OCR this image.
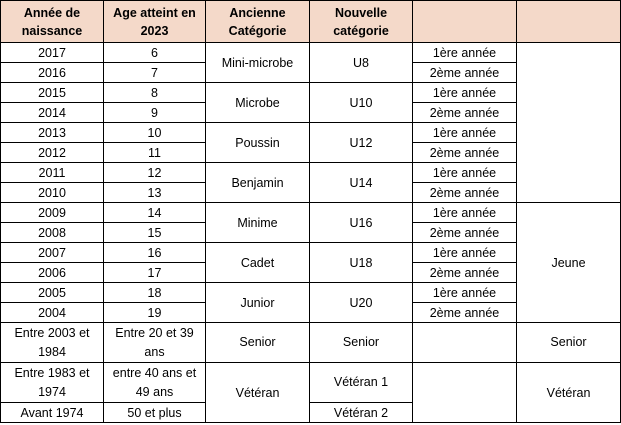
Année de naissance	Age atteint en 2023	Ancienne Catégorie	Nouvelle catégorie		
2017	6	Mini-microbe	U8	1ère année	
2016	7			2ème année	
2015	8	Microbe	U10	1ère année	
2014	9			2ème année	
2013	10	Poussin	U12	1ère année	
2012	11			2ème année	
2011	12	Benjamin	U14	1ère année	
2010	13			2ème année	
2009	14	Minime	U16	1ère année	Jeune
2008	15			2ème année	
2007	16	Cadet	U18	1ère année	
2006	17			2ème année	
2005	18	Junior	U20	1ère année	
2004	19			2ème année	
Entre 2003 et 1984	Entre 20 et 39 ans	Senior	Senior		Senior
Entre 1983 et 1974	entre 40 ans et 49 ans	Vétéran	Vétéran 1		Vétéran
Avant 1974	50 et plus		Vétéran 2		
